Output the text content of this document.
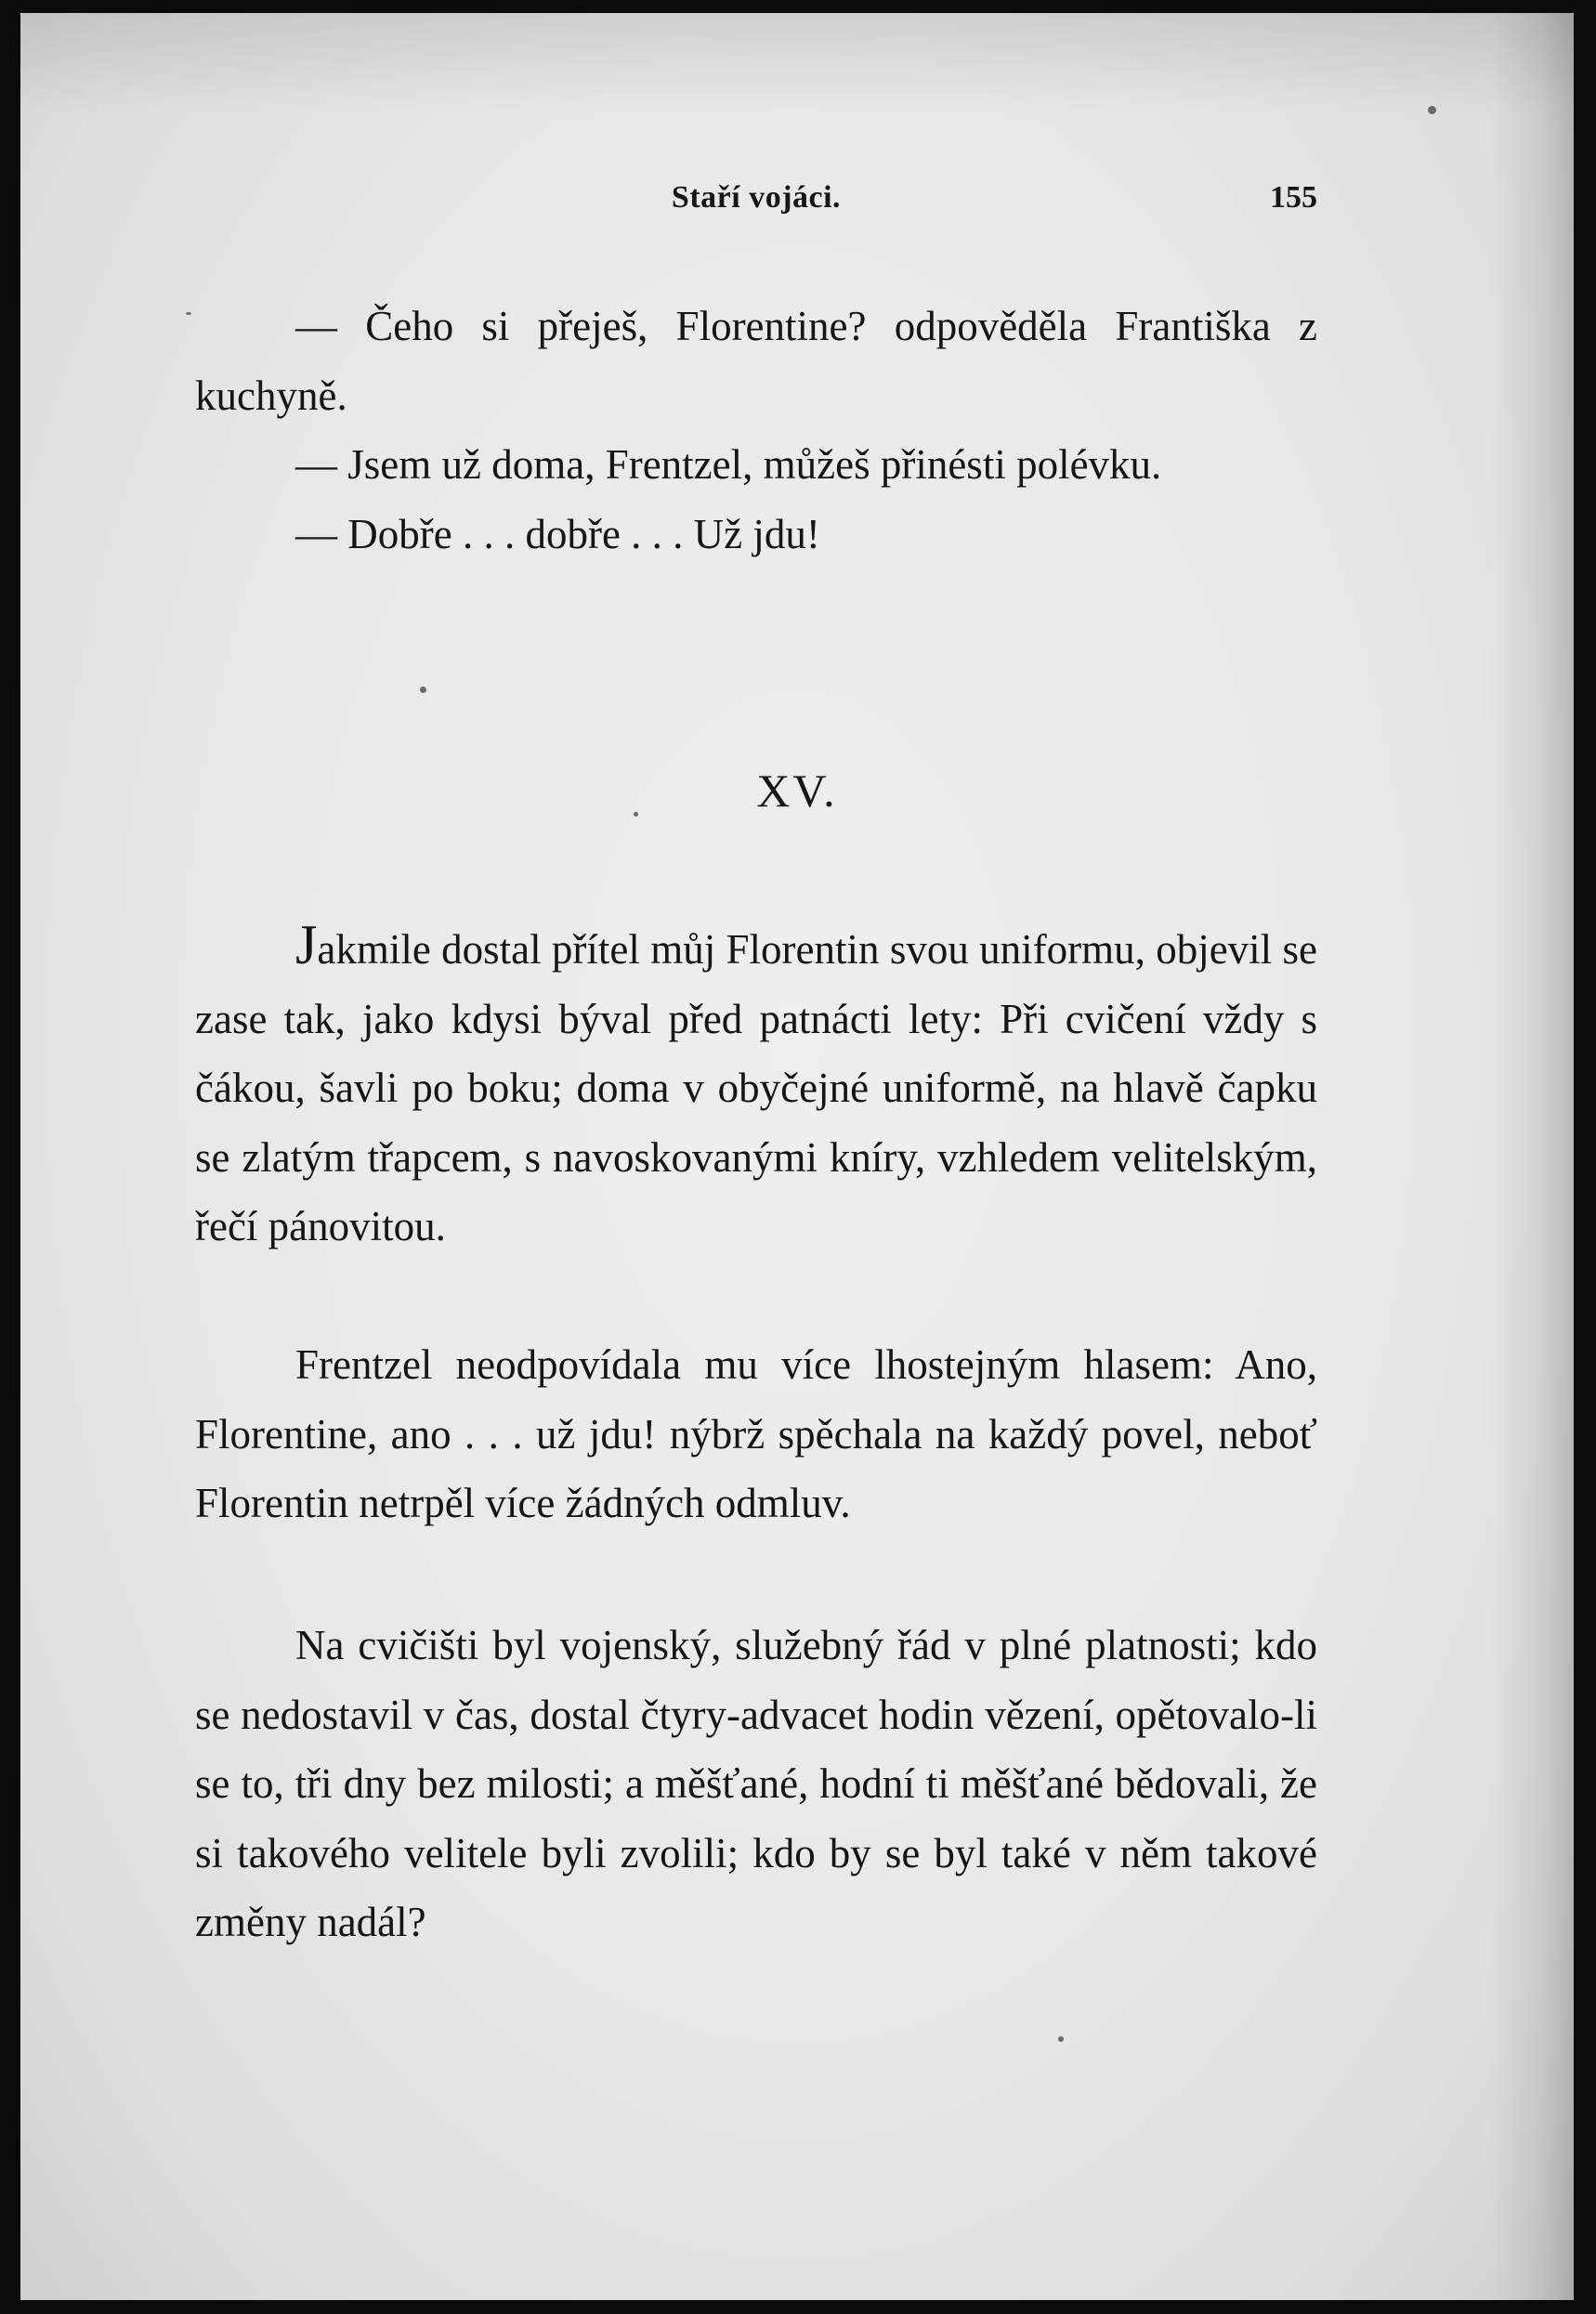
Staří vojáci.	155

— Čeho si přeješ, Florentine? odpověděla Františka z kuchyně.

— Jsem už doma, Frentzel, můžeš přinésti polévku.

— Dobře . . . dobře . . . Už jdu!

XV.

Jakmile dostal přítel můj Florentin svou uniformu, objevil se zase tak, jako kdysi býval před patnácti lety: Při cvičení vždy s čákou, šavli po boku; doma v obyčejné uniformě, na hlavě čapku se zlatým třapcem, s navoskovanými kníry, vzhledem velitelským, řečí pánovitou.

Frentzel neodpovídala mu více lhostejným hlasem: Ano, Florentine, ano . . . už jdu! nýbrž spěchala na každý povel, neboť Florentin netrpěl více žádných odmluv.

Na cvičišti byl vojenský, služebný řád v plné platnosti; kdo se nedostavil v čas, dostal čtyry-advacet hodin vězení, opětovalo-li se to, tři dny bez milosti; a měšťané, hodní ti měšťané bědovali, že si takového velitele byli zvolili; kdo by se byl také v něm takové změny nadál?
